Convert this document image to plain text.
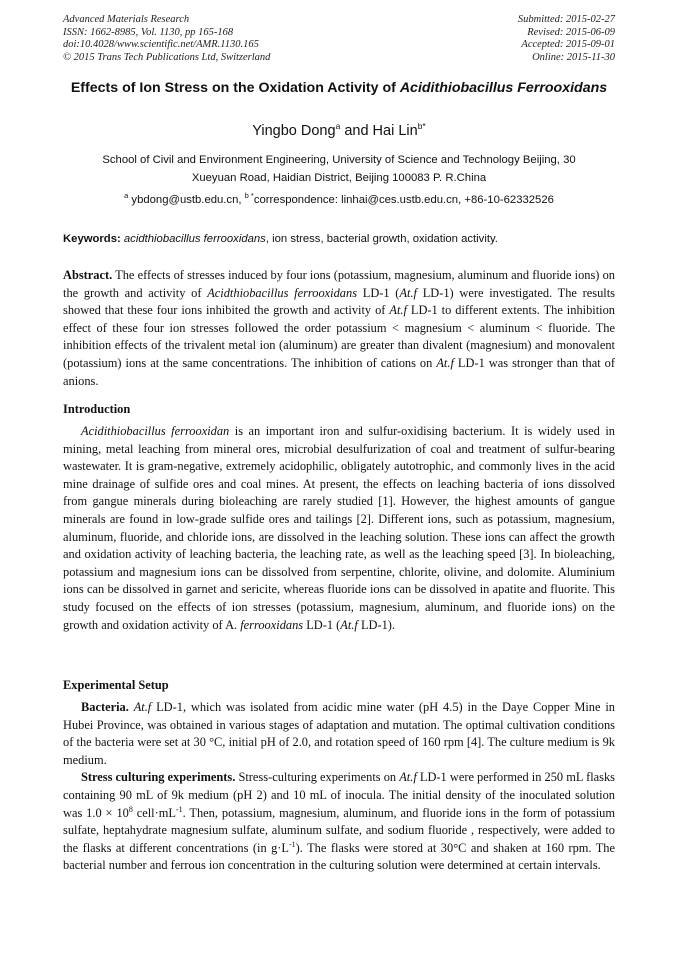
Advanced Materials Research
ISSN: 1662-8985, Vol. 1130, pp 165-168
doi:10.4028/www.scientific.net/AMR.1130.165
© 2015 Trans Tech Publications Ltd, Switzerland
Submitted: 2015-02-27
Revised: 2015-06-09
Accepted: 2015-09-01
Online: 2015-11-30
Effects of Ion Stress on the Oxidation Activity of Acidithiobacillus Ferrooxidans
Yingbo Dong$^a$ and Hai Lin$^{b*}$
School of Civil and Environment Engineering, University of Science and Technology Beijing, 30
Xueyuan Road, Haidian District, Beijing 100083 P. R.China
$^a$ ybdong@ustb.edu.cn, $^{b *}$correspondence: linhai@ces.ustb.edu.cn, +86-10-62332526
Keywords: acidthiobacillus ferrooxidans, ion stress, bacterial growth, oxidation activity.

Abstract. The effects of stresses induced by four ions (potassium, magnesium, aluminum and fluoride ions) on the growth and activity of Acidthiobacillus ferrooxidans LD-1 (At.f LD-1) were investigated. The results showed that these four ions inhibited the growth and activity of At.f LD-1 to different extents. The inhibition effect of these four ion stresses followed the order potassium < magnesium < aluminum < fluoride. The inhibition effects of the trivalent metal ion (aluminum) are greater than divalent (magnesium) and monovalent (potassium) ions at the same concentrations. The inhibition of cations on At.f LD-1 was stronger than that of anions.

Introduction

Acidithiobacillus ferrooxidan is an important iron and sulfur-oxidising bacterium. It is widely used in mining, metal leaching from mineral ores, microbial desulfurization of coal and treatment of sulfur-bearing wastewater. It is gram-negative, extremely acidophilic, obligately autotrophic, and commonly lives in the acid mine drainage of sulfide ores and coal mines. At present, the effects on leaching bacteria of ions dissolved from gangue minerals during bioleaching are rarely studied [1]. However, the highest amounts of gangue minerals are found in low-grade sulfide ores and tailings [2]. Different ions, such as potassium, magnesium, aluminum, fluoride, and chloride ions, are dissolved in the leaching solution. These ions can affect the growth and oxidation activity of leaching bacteria, the leaching rate, as well as the leaching speed [3]. In bioleaching, potassium and magnesium ions can be dissolved from serpentine, chlorite, olivine, and dolomite. Aluminium ions can be dissolved in garnet and sericite, whereas fluoride ions can be dissolved in apatite and fluorite. This study focused on the effects of ion stresses (potassium, magnesium, aluminum, and fluoride ions) on the growth and oxidation activity of A. ferrooxidans LD-1 (At.f LD-1).

Experimental Setup

Bacteria. At.f LD-1, which was isolated from acidic mine water (pH 4.5) in the Daye Copper Mine in Hubei Province, was obtained in various stages of adaptation and mutation. The optimal cultivation conditions of the bacteria were set at 30 °C, initial pH of 2.0, and rotation speed of 160 rpm [4]. The culture medium is 9k medium.

Stress culturing experiments. Stress-culturing experiments on At.f LD-1 were performed in 250 mL flasks containing 90 mL of 9k medium (pH 2) and 10 mL of inocula. The initial density of the inoculated solution was $1.0 \times 10^8$ $cell\cdot mL^{-1}$. Then, potassium, magnesium, aluminum, and fluoride ions in the form of potassium sulfate, heptahydrate magnesium sulfate, aluminum sulfate, and sodium fluoride , respectively, were added to the flasks at different concentrations (in $g\cdot L^{-1}$). The flasks were stored at 30°C and shaken at 160 rpm. The bacterial number and ferrous ion concentration in the culturing solution were determined at certain intervals.
